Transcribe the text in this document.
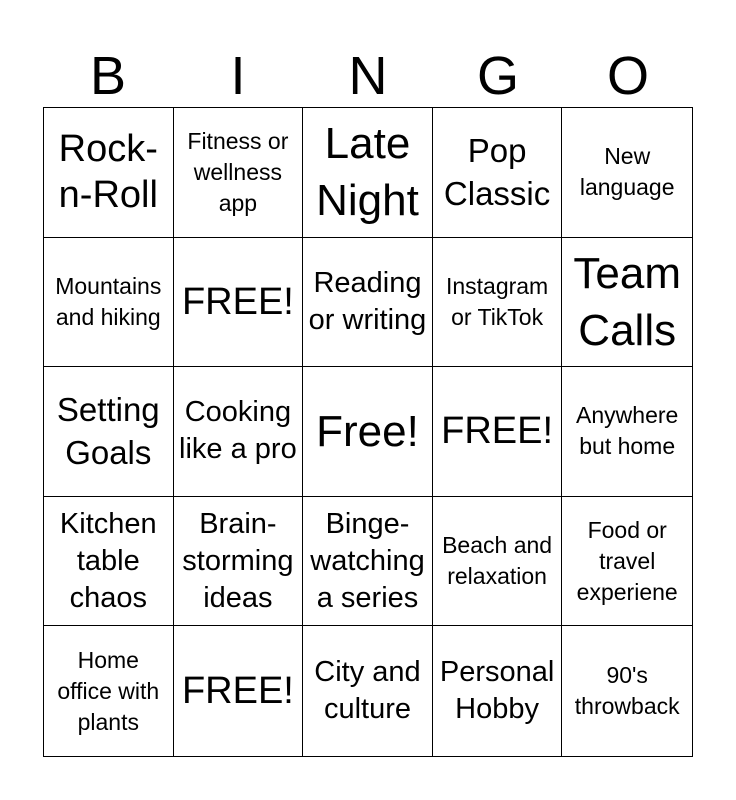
B	I	N	G	O
Rock-n-Roll
Fitness or wellness app
Late Night
Pop Classic
New language
Mountains and hiking FREE! Reading or writing
Instagram or TikTok
Team Calls
Setting Goals
Cooking like a pro Free! FREE!	Anywhere but home
Kitchen table chaos
Brain-storming ideas
Binge-watching a series
Beach and relaxation
Food or travel experiene
Home office with plants
FREE! City and culture
Personal Hobby
90's throwback
